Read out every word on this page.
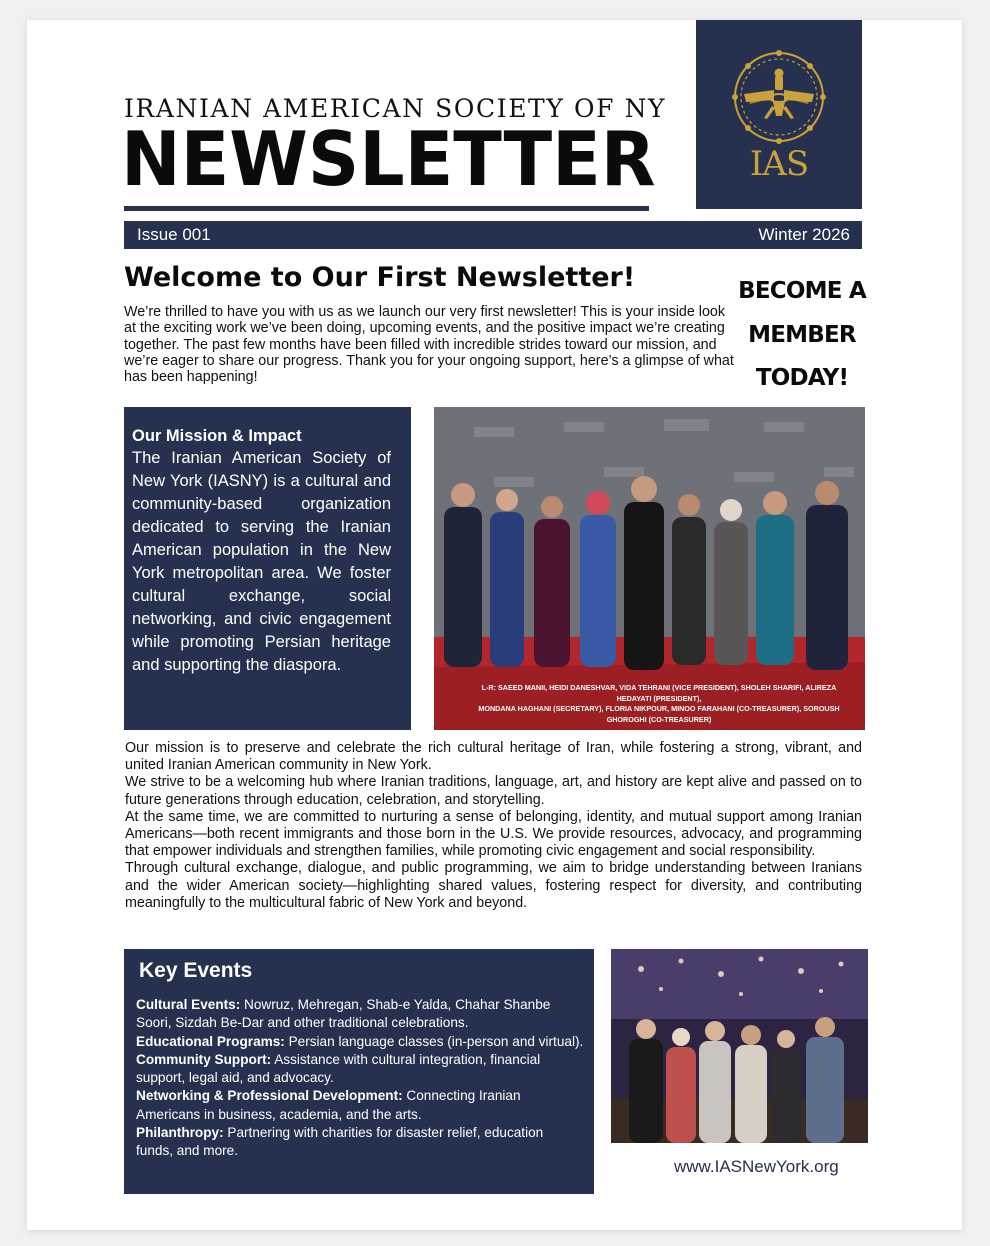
IRANIAN AMERICAN SOCIETY OF NY
NEWSLETTER	IAS
Issue 001	Winter 2026
Welcome to Our First Newsletter!
We’re thrilled to have you with us as we launch our very first newsletter! This is your inside look at the exciting work we’ve been doing, upcoming events, and the positive impact we’re creating together. The past few months have been filled with incredible strides toward our mission, and we’re eager to share our progress. Thank you for your ongoing support, here’s a glimpse of what has been happening!
BECOME A
MEMBER
TODAY!
Our Mission & Impact
The Iranian American Society of New York (IASNY) is a cultural and community-based organization dedicated to serving the Iranian American population in the New York metropolitan area. We foster cultural exchange, social networking, and civic engagement while promoting Persian heritage and supporting the diaspora.
L-R: SAEED MANII, HEIDI DANESHVAR, VIDA TEHRANI (VICE PRESIDENT), SHOLEH SHARIFI, ALIREZA HEDAYATI (PRESIDENT),
MONDANA HAGHANI (SECRETARY), FLORIA NIKPOUR, MINOO FARAHANI (CO-TREASURER), SOROUSH GHOROGHI (CO-TREASURER)

Our mission is to preserve and celebrate the rich cultural heritage of Iran, while fostering a strong, vibrant, and united Iranian American community in New York.

We strive to be a welcoming hub where Iranian traditions, language, art, and history are kept alive and passed on to future generations through education, celebration, and storytelling.

At the same time, we are committed to nurturing a sense of belonging, identity, and mutual support among Iranian Americans—both recent immigrants and those born in the U.S. We provide resources, advocacy, and programming that empower individuals and strengthen families, while promoting civic engagement and social responsibility.

Through cultural exchange, dialogue, and public programming, we aim to bridge understanding between Iranians and the wider American society—highlighting shared values, fostering respect for diversity, and contributing meaningfully to the multicultural fabric of New York and beyond.

Key Events
Cultural Events: Nowruz, Mehregan, Shab-e Yalda, Chahar Shanbe Soori, Sizdah Be-Dar and other traditional celebrations.
Educational Programs: Persian language classes (in-person and virtual).
Community Support: Assistance with cultural integration, financial support, legal aid, and advocacy.
Networking & Professional Development: Connecting Iranian Americans in business, academia, and the arts.
Philanthropy: Partnering with charities for disaster relief, education funds, and more.
www.IASNewYork.org
